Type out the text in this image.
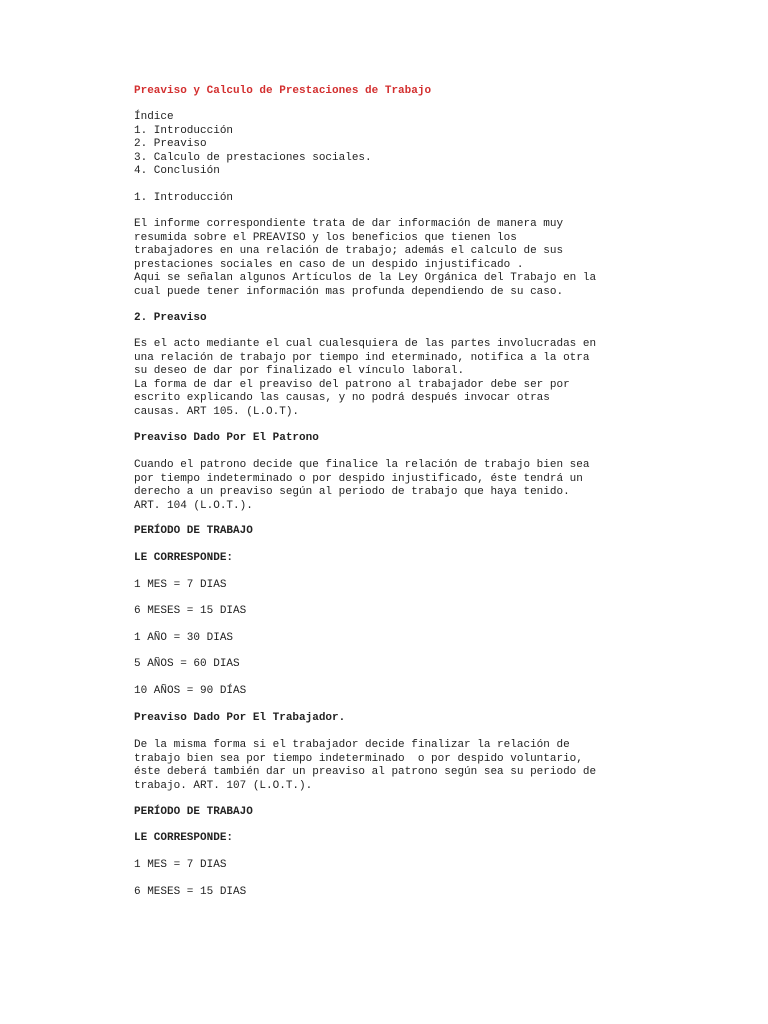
Preaviso y Calculo de Prestaciones de Trabajo
Índice
1. Introducción
2. Preaviso
3. Calculo de prestaciones sociales.
4. Conclusión
1. Introducción
El informe correspondiente trata de dar información de manera muy
resumida sobre el PREAVISO y los beneficios que tienen los
trabajadores en una relación de trabajo; además el calculo de sus
prestaciones sociales en caso de un despido injustificado .
Aqui se señalan algunos Artículos de la Ley Orgánica del Trabajo en la
cual puede tener información mas profunda dependiendo de su caso.
2. Preaviso
Es el acto mediante el cual cualesquiera de las partes involucradas en
una relación de trabajo por tiempo ind eterminado, notifica a la otra
su deseo de dar por finalizado el vínculo laboral.
La forma de dar el preaviso del patrono al trabajador debe ser por
escrito explicando las causas, y no podrá después invocar otras
causas. ART 105. (L.O.T).
Preaviso Dado Por El Patrono
Cuando el patrono decide que finalice la relación de trabajo bien sea
por tiempo indeterminado o por despido injustificado, éste tendrá un
derecho a un preaviso según al periodo de trabajo que haya tenido.
ART. 104 (L.O.T.).
PERÍODO DE TRABAJO
LE CORRESPONDE:
1 MES = 7 DIAS
6 MESES = 15 DIAS
1 AÑO = 30 DIAS
5 AÑOS = 60 DIAS
10 AÑOS = 90 DÍAS
Preaviso Dado Por El Trabajador.
De la misma forma si el trabajador decide finalizar la relación de
trabajo bien sea por tiempo indeterminado  o por despido voluntario,
éste deberá también dar un preaviso al patrono según sea su periodo de
trabajo. ART. 107 (L.O.T.).
PERÍODO DE TRABAJO
LE CORRESPONDE:
1 MES = 7 DIAS
6 MESES = 15 DIAS
